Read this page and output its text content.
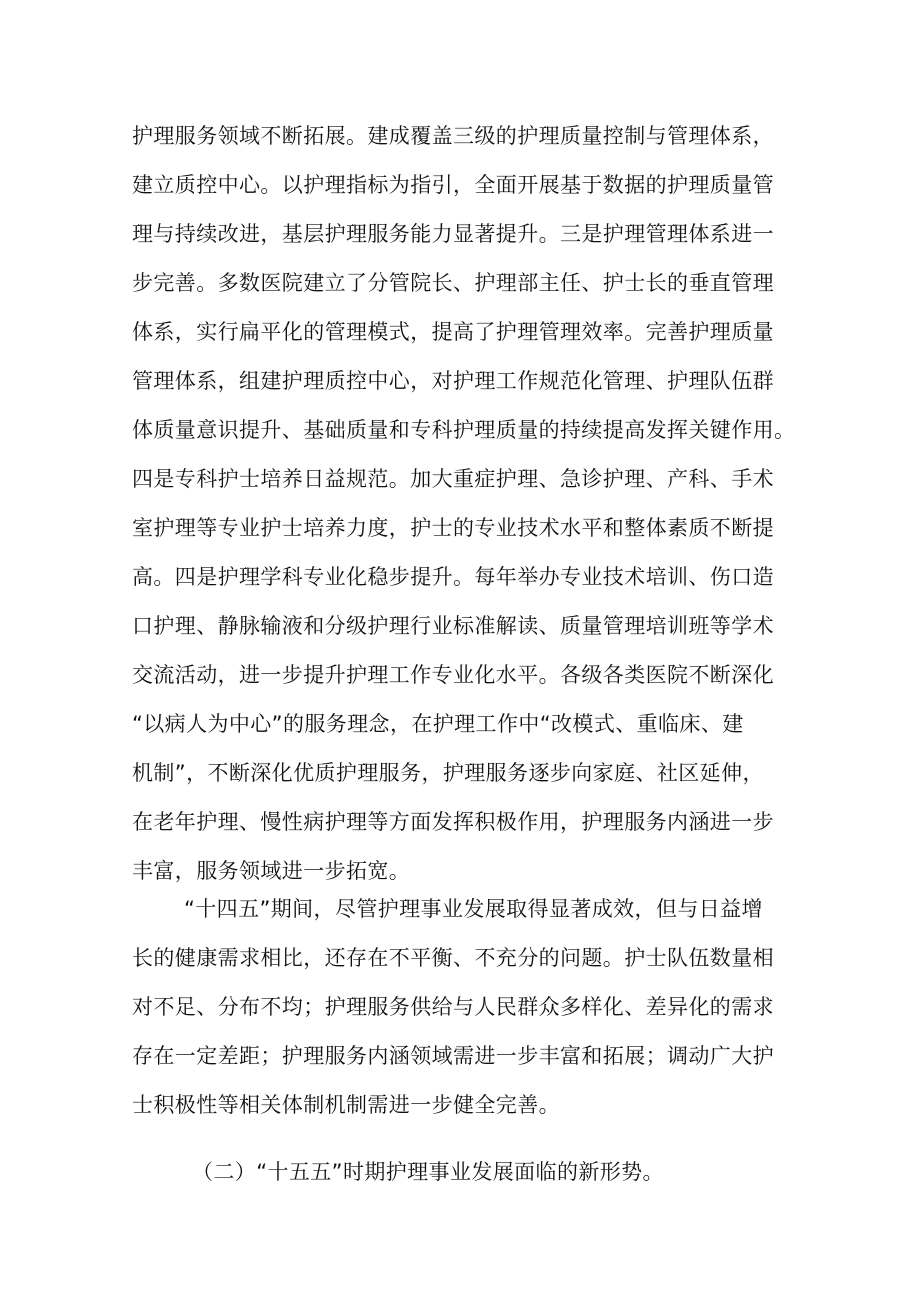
护理服务领域不断拓展。建成覆盖三级的护理质量控制与管理体系，
建立质控中心。以护理指标为指引，全面开展基于数据的护理质量管
理与持续改进，基层护理服务能力显著提升。三是护理管理体系进一
步完善。多数医院建立了分管院长、护理部主任、护士长的垂直管理
体系，实行扁平化的管理模式，提高了护理管理效率。完善护理质量
管理体系，组建护理质控中心，对护理工作规范化管理、护理队伍群
体质量意识提升、基础质量和专科护理质量的持续提高发挥关键作用。
四是专科护士培养日益规范。加大重症护理、急诊护理、产科、手术
室护理等专业护士培养力度，护士的专业技术水平和整体素质不断提
高。四是护理学科专业化稳步提升。每年举办专业技术培训、伤口造
口护理、静脉输液和分级护理行业标准解读、质量管理培训班等学术
交流活动，进一步提升护理工作专业化水平。各级各类医院不断深化
“以病人为中心”的服务理念，在护理工作中“改模式、重临床、建
机制”，不断深化优质护理服务，护理服务逐步向家庭、社区延伸，
在老年护理、慢性病护理等方面发挥积极作用，护理服务内涵进一步
丰富，服务领域进一步拓宽。
“十四五”期间，尽管护理事业发展取得显著成效，但与日益增
长的健康需求相比，还存在不平衡、不充分的问题。护士队伍数量相
对不足、分布不均；护理服务供给与人民群众多样化、差异化的需求
存在一定差距；护理服务内涵领域需进一步丰富和拓展；调动广大护
士积极性等相关体制机制需进一步健全完善。
（二）“十五五”时期护理事业发展面临的新形势。
